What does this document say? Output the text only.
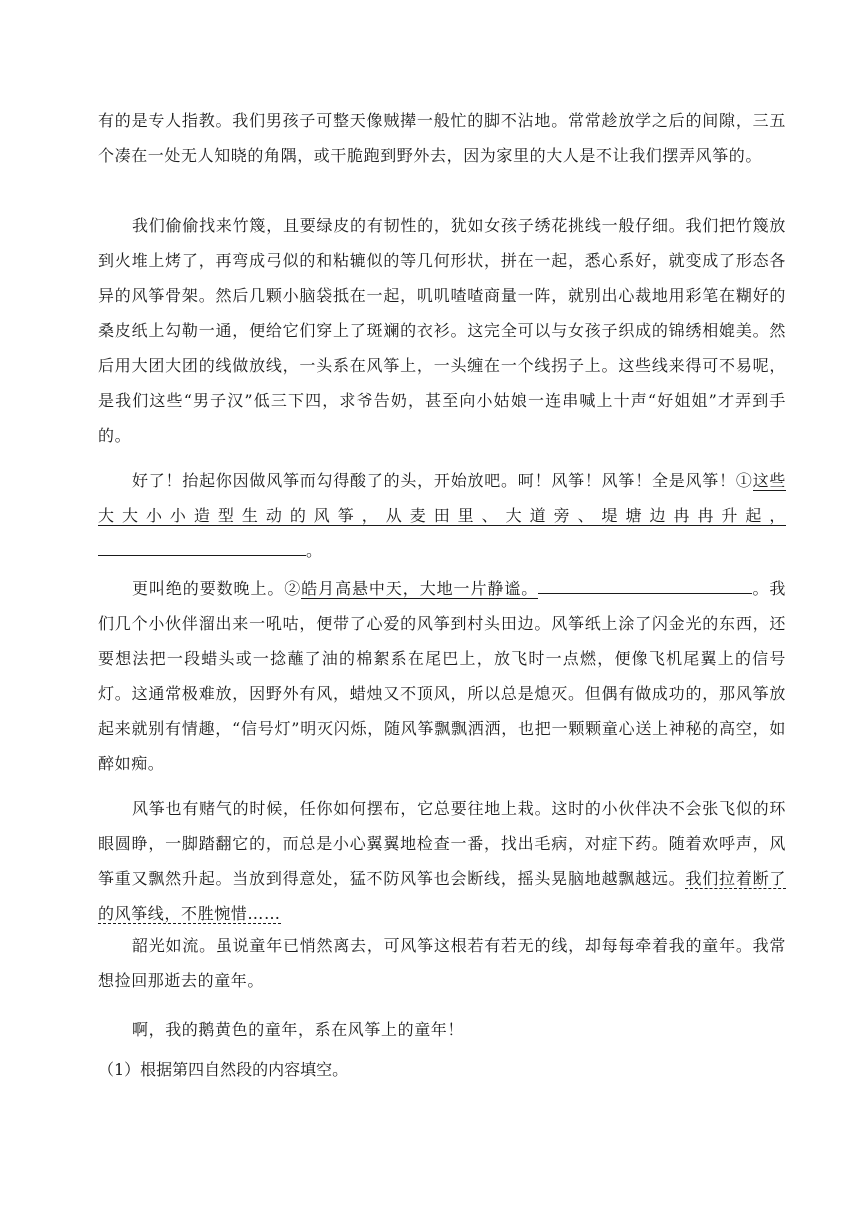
有的是专人指教。我们男孩子可整天像贼撵一般忙的脚不沾地。常常趁放学之后的间隙，三五个凑在一处无人知晓的角隅，或干脆跑到野外去，因为家里的大人是不让我们摆弄风筝的。

我们偷偷找来竹篾，且要绿皮的有韧性的，犹如女孩子绣花挑线一般仔细。我们把竹篾放到火堆上烤了，再弯成弓似的和粘辘似的等几何形状，拼在一起，悉心系好，就变成了形态各异的风筝骨架。然后几颗小脑袋抵在一起，叽叽喳喳商量一阵，就别出心裁地用彩笔在糊好的桑皮纸上勾勒一通，便给它们穿上了斑斓的衣衫。这完全可以与女孩子织成的锦绣相媲美。然后用大团大团的线做放线，一头系在风筝上，一头缠在一个线拐子上。这些线来得可不易呢，是我们这些“男子汉”低三下四，求爷告奶，甚至向小姑娘一连串喊上十声“好姐姐”才弄到手的。

好了！抬起你因做风筝而勾得酸了的头，开始放吧。呵！风筝！风筝！全是风筝！①这些大大小小造型生动的风筝，从麦田里、大道旁、堤塘边冉冉升起，。

更叫绝的要数晚上。②皓月高悬中天，大地一片静谧。	。我们几个小伙伴溜出来一吼咕，便带了心爱的风筝到村头田边。风筝纸上涂了闪金光的东西，还要想法把一段蜡头或一捻蘸了油的棉絮系在尾巴上，放飞时一点燃，便像飞机尾翼上的信号灯。这通常极难放，因野外有风，蜡烛又不顶风，所以总是熄灭。但偶有做成功的，那风筝放起来就别有情趣，“信号灯”明灭闪烁，随风筝飘飘洒洒，也把一颗颗童心送上神秘的高空，如醉如痴。

风筝也有赌气的时候，任你如何摆布，它总要往地上栽。这时的小伙伴决不会张飞似的环眼圆睁，一脚踏翻它的，而总是小心翼翼地检查一番，找出毛病，对症下药。随着欢呼声，风筝重又飘然升起。当放到得意处，猛不防风筝也会断线，摇头晃脑地越飘越远。我们拉着断了的风筝线，不胜惋惜……

韶光如流。虽说童年已悄然离去，可风筝这根若有若无的线，却每每牵着我的童年。我常想捡回那逝去的童年。

啊，我的鹅黄色的童年，系在风筝上的童年！

（1）根据第四自然段的内容填空。
